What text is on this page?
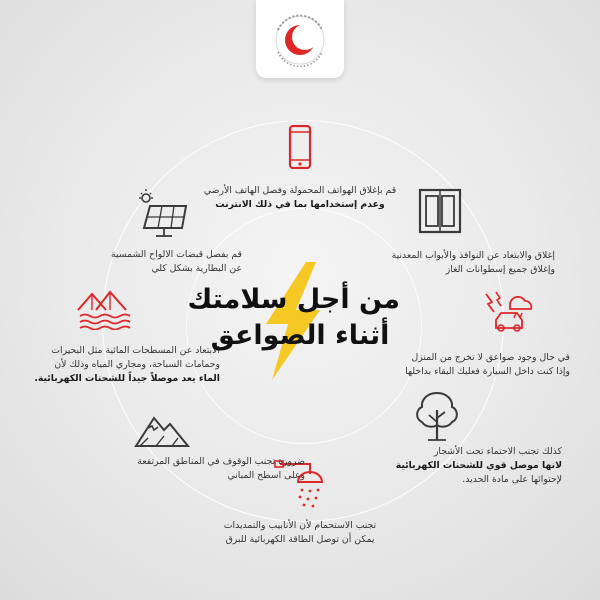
من أجل سلامتك
أثناء الصواعق
قم بإغلاق الهواتف المحمولة وفصل الهاتف الأرضي
وعدم إستخدامها بما في ذلك الانترنت
إغلاق والابتعاد عن النوافذ والأبواب المعدنية
وإغلاق جميع إسطوانات الغاز
في حال وجود صواعق لا تخرج من المنزل
وإذا كنت داخل السيارة فعليك البقاء بداخلها
كذلك تجنب الاحتماء تحت الأشجار
لانها موصل قوي للشحنات الكهربائية
لإحتوائها على مادة الحديد.
تجنب الاستحمام لأن الأنابيب والتمديدات
يمكن أن توصل الطاقة الكهربائية للبرق
ضرورة تجنب الوقوف في المناطق المرتفعة
وعلى اسطح المباني
الابتعاد عن المسطحات المائية مثل البحيرات
وحمامات السباحة، ومجاري المياه وذلك لأن
الماء يعد موصلاً جيداً للشحنات الكهربائية.
قم بفصل قبضات الالواح الشمسية
عن البطارية بشكل كلي
